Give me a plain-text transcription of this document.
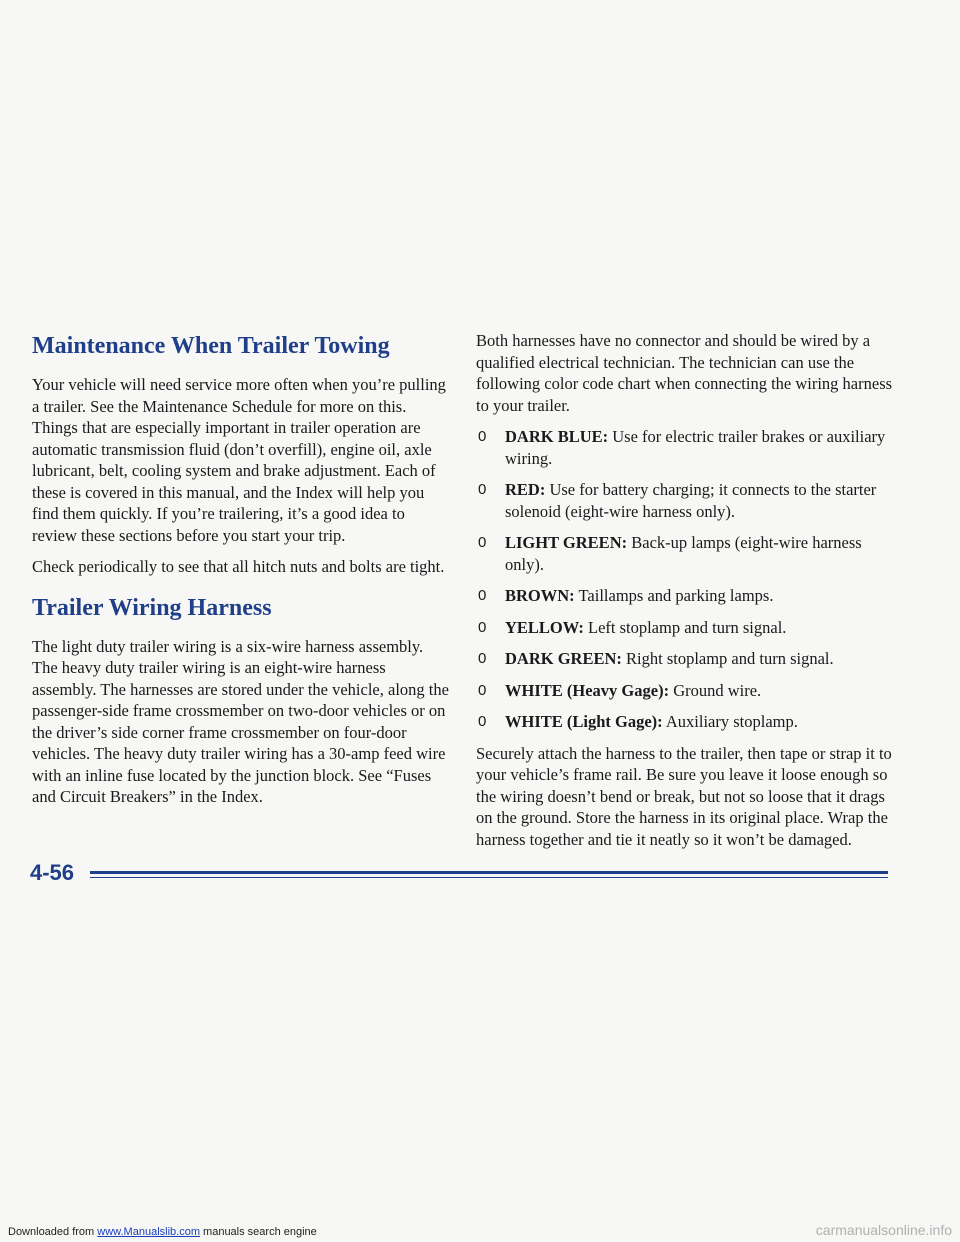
Maintenance When Trailer Towing

Your vehicle will need service more often when you’re pulling a trailer. See the Maintenance Schedule for more on this. Things that are especially important in trailer operation are automatic transmission fluid (don’t overfill), engine oil, axle lubricant, belt, cooling system and brake adjustment. Each of these is covered in this manual, and the Index will help you find them quickly. If you’re trailering, it’s a good idea to review these sections before you start your trip.

Check periodically to see that all hitch nuts and bolts are tight.

Trailer Wiring Harness

The light duty trailer wiring is a six-wire harness assembly. The heavy duty trailer wiring is an eight-wire harness assembly. The harnesses are stored under the vehicle, along the passenger-side frame crossmember on two-door vehicles or on the driver’s side corner frame crossmember on four-door vehicles. The heavy duty trailer wiring has a 30-amp feed wire with an inline fuse located by the junction block. See “Fuses and Circuit Breakers” in the Index.

Both harnesses have no connector and should be wired by a qualified electrical technician. The technician can use the following color code chart when connecting the wiring harness to your trailer.

0 DARK BLUE: Use for electric trailer brakes or auxiliary wiring.
0 RED: Use for battery charging; it connects to the starter solenoid (eight-wire harness only).
0 LIGHT GREEN: Back-up lamps (eight-wire harness only).
0 BROWN: Taillamps and parking lamps.
0 YELLOW: Left stoplamp and turn signal.
0 DARK GREEN: Right stoplamp and turn signal.
0 WHITE (Heavy Gage): Ground wire.
0 WHITE (Light Gage): Auxiliary stoplamp.

Securely attach the harness to the trailer, then tape or strap it to your vehicle’s frame rail. Be sure you leave it loose enough so the wiring doesn’t bend or break, but not so loose that it drags on the ground. Store the harness in its original place. Wrap the harness together and tie it neatly so it won’t be damaged.

4-56
Downloaded from www.Manualslib.com manuals search engine	carmanualsonline.info
